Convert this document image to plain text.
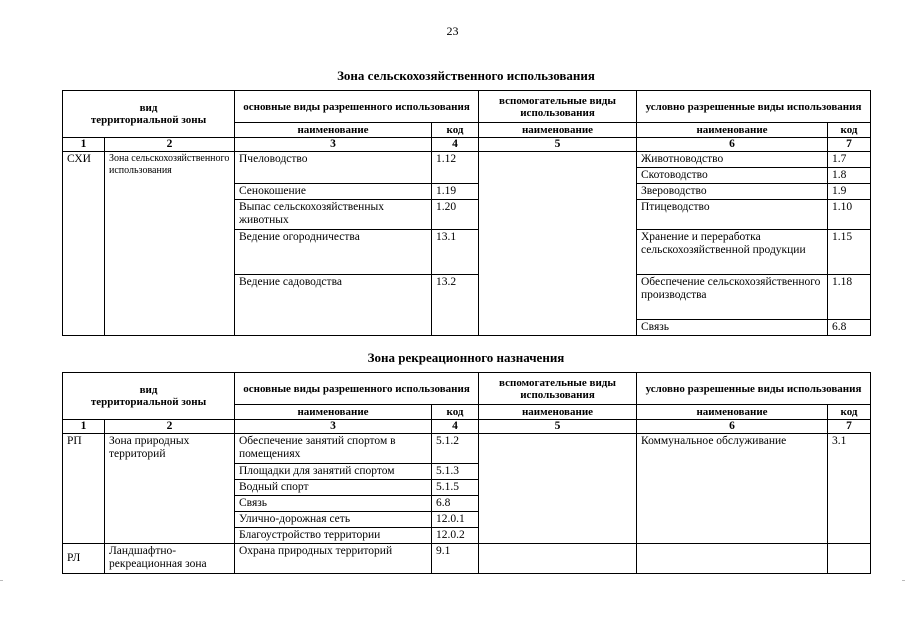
23
Зона сельскохозяйственного использования
вид
территориальной зоны		основные виды разрешенного использования		вспомогательные виды использования	условно разрешенные виды использования	
		наименование	код	наименование	наименование	код
1	2	3	4	5	6	7
СХИ	Зона сельскохозяйственного использования	Пчеловодство	1.12		Животноводство	1.7
					Скотоводство	1.8
		Сенокошение	1.19		Звероводство	1.9
		Выпас сельскохозяйственных животных	1.20		Птицеводство	1.10
		Ведение огородничества	13.1		Хранение и переработка сельскохозяйственной продукции	1.15
		Ведение садоводства	13.2		Обеспечение сельскохозяйственного производства	1.18
					Связь	6.8
Зона рекреационного назначения
вид
территориальной зоны		основные виды разрешенного использования		вспомогательные виды использования	условно разрешенные виды использования	
		наименование	код	наименование	наименование	код
1	2	3	4	5	6	7
РП	Зона природных территорий	Обеспечение занятий спортом в помещениях	5.1.2		Коммунальное обслуживание	3.1
		Площадки для занятий спортом	5.1.3			
		Водный спорт	5.1.5			
		Связь	6.8			
		Улично-дорожная сеть	12.0.1			
		Благоустройство территории	12.0.2			
РЛ	Ландшафтно-рекреационная зона	Охрана природных территорий	9.1			
